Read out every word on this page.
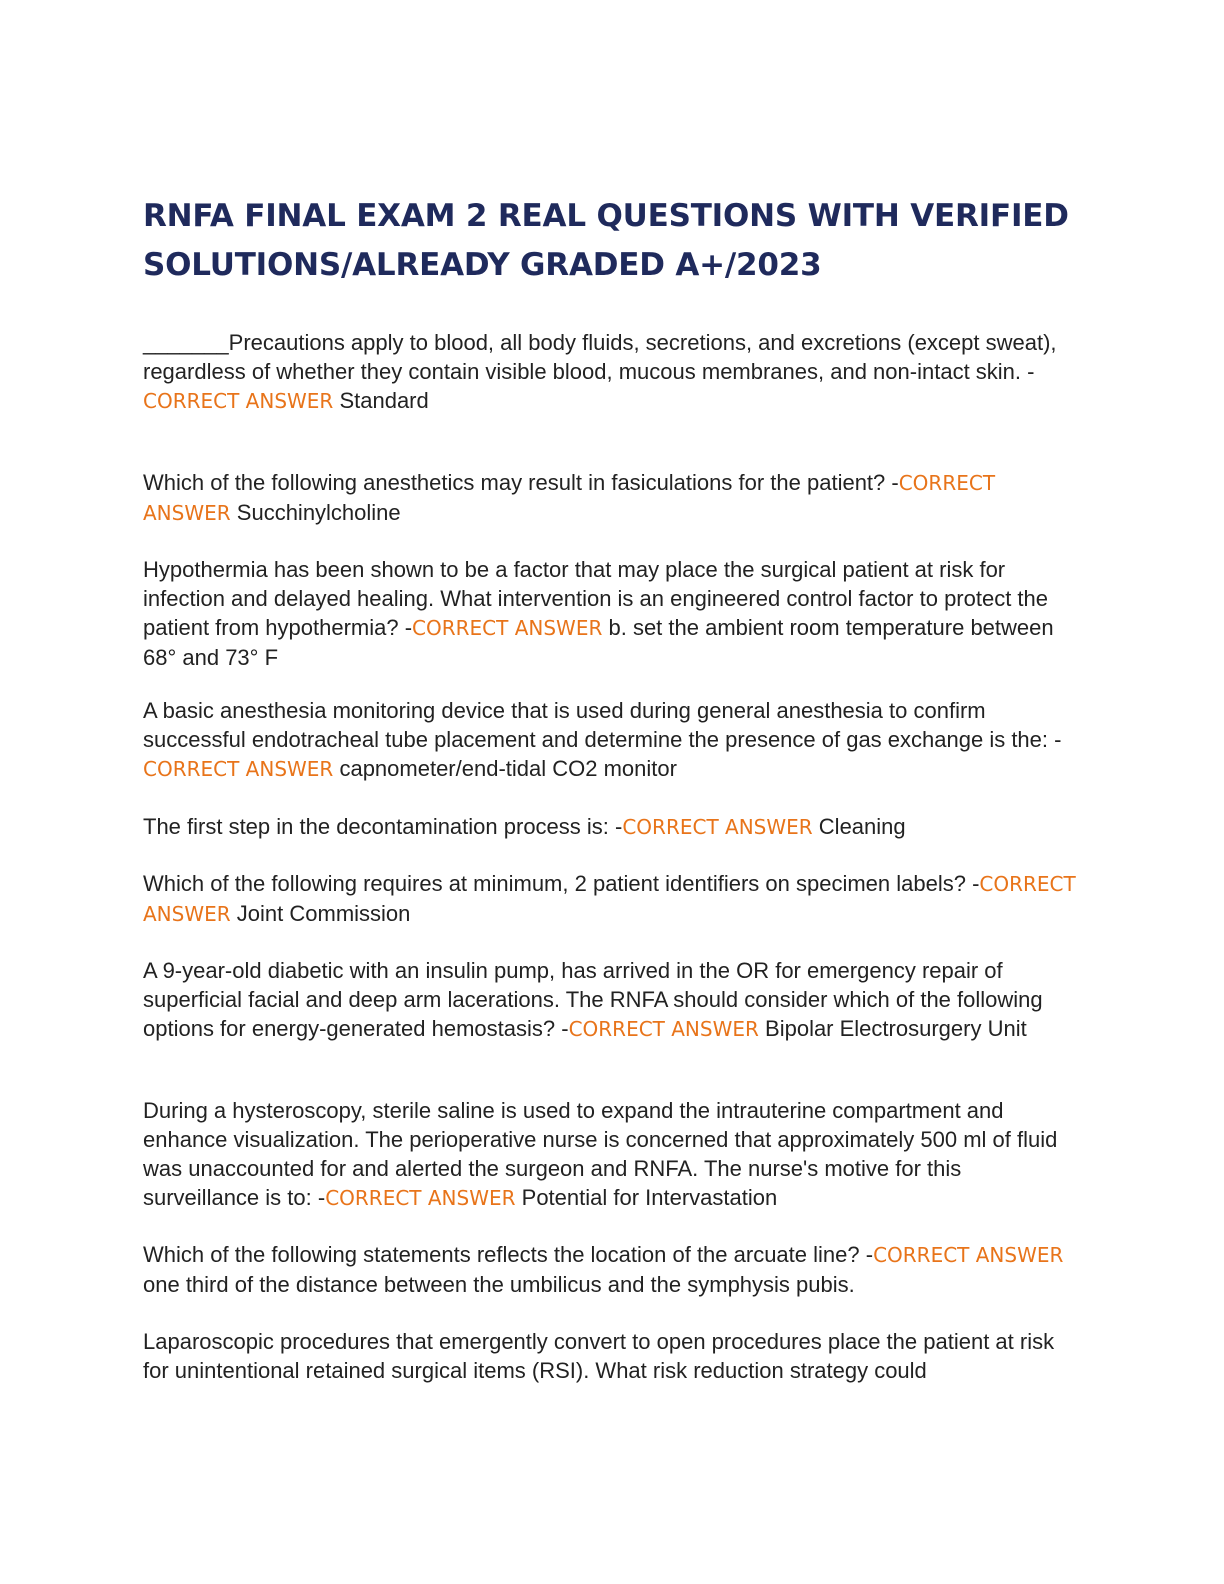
RNFA FINAL EXAM 2 REAL QUESTIONS WITH VERIFIED SOLUTIONS/ALREADY GRADED A+/2023

_______Precautions apply to blood, all body fluids, secretions, and excretions (except sweat), regardless of whether they contain visible blood, mucous membranes, and non-intact skin. -CORRECT ANSWER Standard

Which of the following anesthetics may result in fasiculations for the patient? -CORRECT ANSWER Succhinylcholine

Hypothermia has been shown to be a factor that may place the surgical patient at risk for infection and delayed healing. What intervention is an engineered control factor to protect the patient from hypothermia? -CORRECT ANSWER b. set the ambient room temperature between 68° and 73° F

A basic anesthesia monitoring device that is used during general anesthesia to confirm successful endotracheal tube placement and determine the presence of gas exchange is the: -CORRECT ANSWER capnometer/end-tidal CO2 monitor

The first step in the decontamination process is: -CORRECT ANSWER Cleaning

Which of the following requires at minimum, 2 patient identifiers on specimen labels? -CORRECT ANSWER Joint Commission

A 9-year-old diabetic with an insulin pump, has arrived in the OR for emergency repair of superficial facial and deep arm lacerations. The RNFA should consider which of the following options for energy-generated hemostasis? -CORRECT ANSWER Bipolar Electrosurgery Unit

During a hysteroscopy, sterile saline is used to expand the intrauterine compartment and enhance visualization. The perioperative nurse is concerned that approximately 500 ml of fluid was unaccounted for and alerted the surgeon and RNFA. The nurse's motive for this surveillance is to: -CORRECT ANSWER Potential for Intervastation

Which of the following statements reflects the location of the arcuate line? -CORRECT ANSWER one third of the distance between the umbilicus and the symphysis pubis.

Laparoscopic procedures that emergently convert to open procedures place the patient at risk for unintentional retained surgical items (RSI). What risk reduction strategy could
